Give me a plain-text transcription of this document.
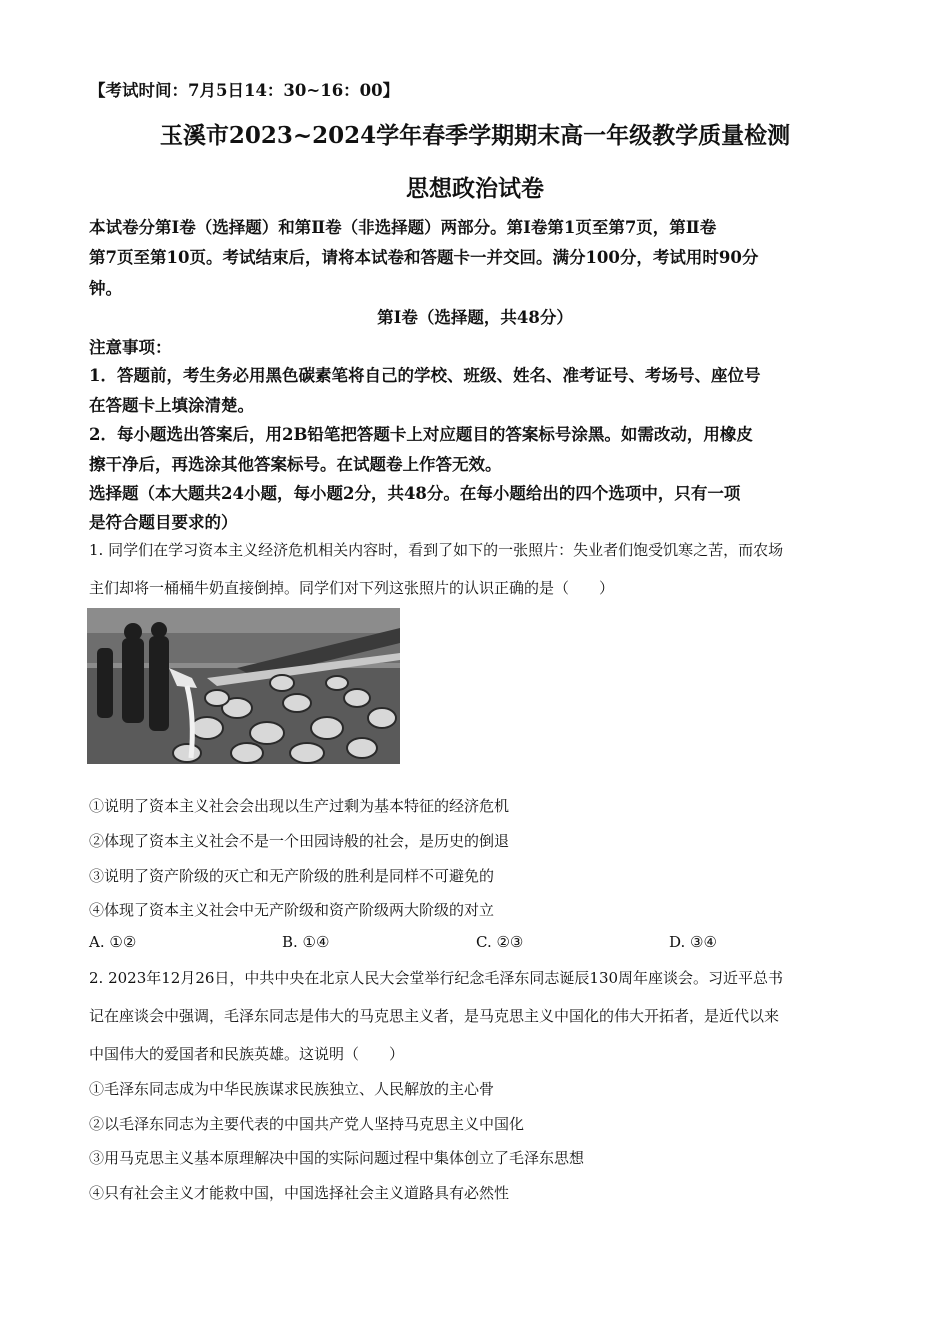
【考试时间：7月5日14：30~16：00】
玉溪市2023~2024学年春季学期期末高一年级教学质量检测
思想政治试卷
本试卷分第Ⅰ卷（选择题）和第Ⅱ卷（非选择题）两部分。第Ⅰ卷第1页至第7页，第Ⅱ卷
第7页至第10页。考试结束后，请将本试卷和答题卡一并交回。满分100分，考试用时90分
钟。
第Ⅰ卷（选择题，共48分）
注意事项：
1．答题前，考生务必用黑色碳素笔将自己的学校、班级、姓名、准考证号、考场号、座位号
在答题卡上填涂清楚。
2．每小题选出答案后，用2B铅笔把答题卡上对应题目的答案标号涂黑。如需改动，用橡皮
擦干净后，再选涂其他答案标号。在试题卷上作答无效。
选择题（本大题共24小题，每小题2分，共48分。在每小题给出的四个选项中，只有一项
是符合题目要求的）
1. 同学们在学习资本主义经济危机相关内容时，看到了如下的一张照片：失业者们饱受饥寒之苦，而农场
主们却将一桶桶牛奶直接倒掉。同学们对下列这张照片的认识正确的是（　　）
①说明了资本主义社会会出现以生产过剩为基本特征的经济危机
②体现了资本主义社会不是一个田园诗般的社会，是历史的倒退
③说明了资产阶级的灭亡和无产阶级的胜利是同样不可避免的
④体现了资本主义社会中无产阶级和资产阶级两大阶级的对立
A. ①②	B. ①④	C. ②③	D. ③④
2. 2023年12月26日，中共中央在北京人民大会堂举行纪念毛泽东同志诞辰130周年座谈会。习近平总书
记在座谈会中强调，毛泽东同志是伟大的马克思主义者，是马克思主义中国化的伟大开拓者，是近代以来
中国伟大的爱国者和民族英雄。这说明（　　）
①毛泽东同志成为中华民族谋求民族独立、人民解放的主心骨
②以毛泽东同志为主要代表的中国共产党人坚持马克思主义中国化
③用马克思主义基本原理解决中国的实际问题过程中集体创立了毛泽东思想
④只有社会主义才能救中国，中国选择社会主义道路具有必然性
